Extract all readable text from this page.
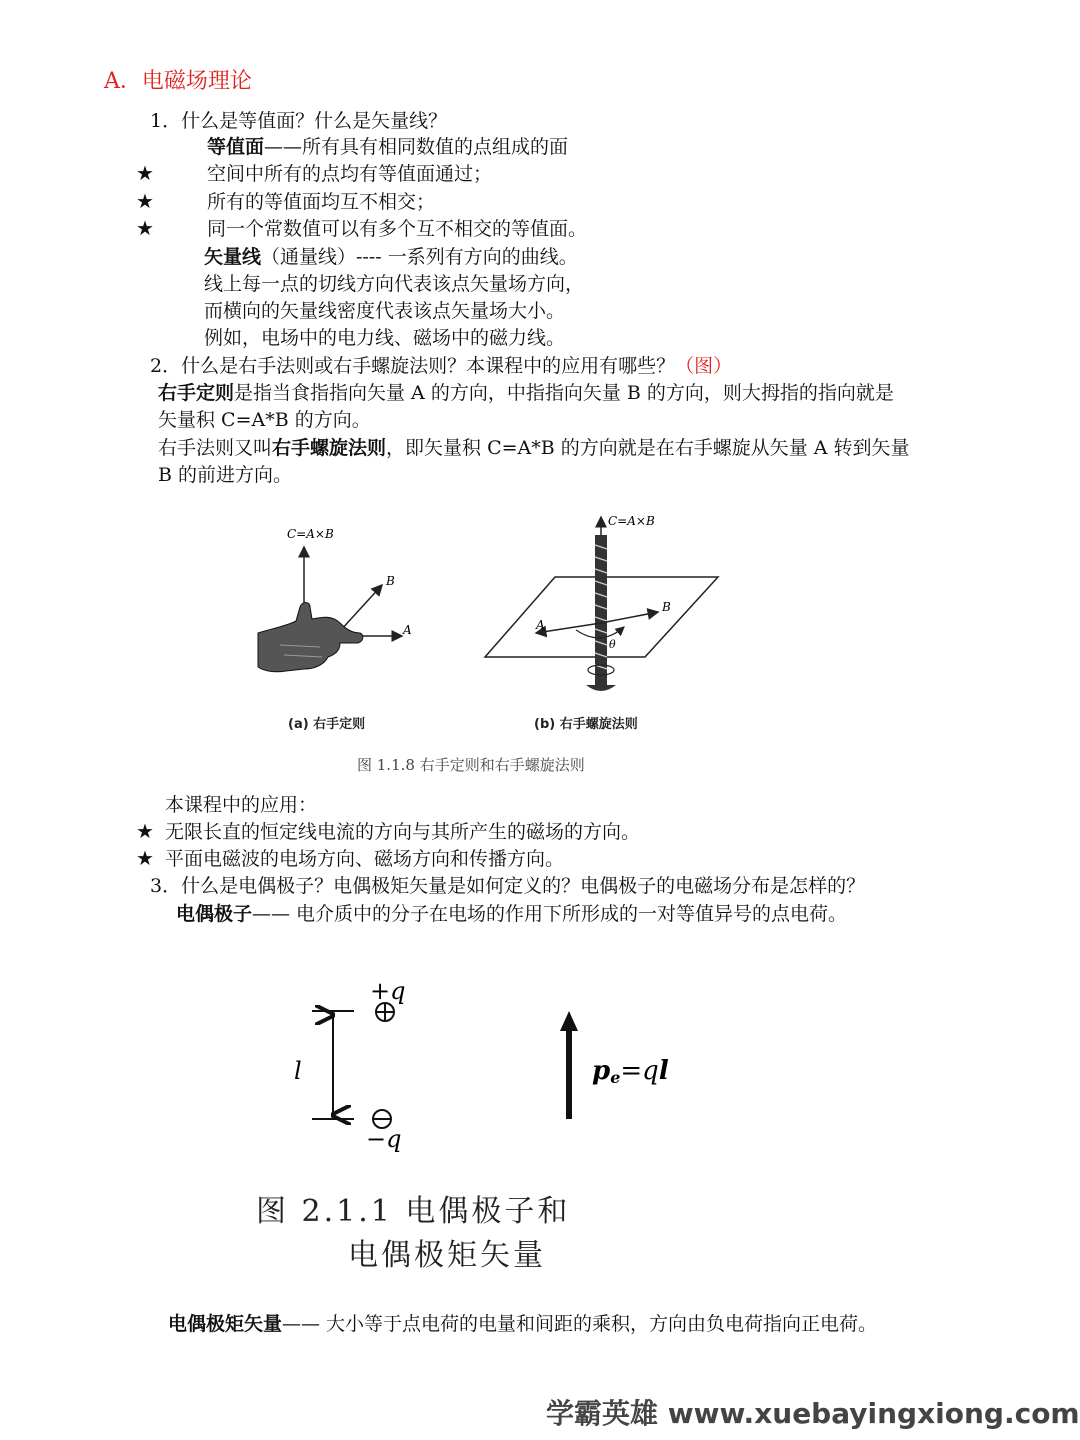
A．电磁场理论
1．什么是等值面？什么是矢量线？
等值面——所有具有相同数值的点组成的面
★	空间中所有的点均有等值面通过；
★	所有的等值面均互不相交；
★	同一个常数值可以有多个互不相交的等值面。
矢量线（通量线）---- 一系列有方向的曲线。
线上每一点的切线方向代表该点矢量场方向，
而横向的矢量线密度代表该点矢量场大小。
例如，电场中的电力线、磁场中的磁力线。
2．什么是右手法则或右手螺旋法则？本课程中的应用有哪些？（图）
右手定则是指当食指指向矢量 A 的方向，中指指向矢量 B 的方向，则大拇指的指向就是
矢量积 C=A*B 的方向。
右手法则又叫右手螺旋法则，即矢量积 C=A*B 的方向就是在右手螺旋从矢量 A 转到矢量
B 的前进方向。
C=A×B
B
A
C=A×B
B
A
θ
(a) 右手定则	(b) 右手螺旋法则
图 1.1.8 右手定则和右手螺旋法则
本课程中的应用：
★ 无限长直的恒定线电流的方向与其所产生的磁场的方向。
★ 平面电磁波的电场方向、磁场方向和传播方向。
3．什么是电偶极子？电偶极矩矢量是如何定义的？电偶极子的电磁场分布是怎样的？
电偶极子—— 电介质中的分子在电场的作用下所形成的一对等值异号的点电荷。
+q
l
−q
pe=ql
图 2.1.1 电偶极子和
电偶极矩矢量
电偶极矩矢量—— 大小等于点电荷的电量和间距的乘积，方向由负电荷指向正电荷。
学霸英雄 www.xuebayingxiong.com
